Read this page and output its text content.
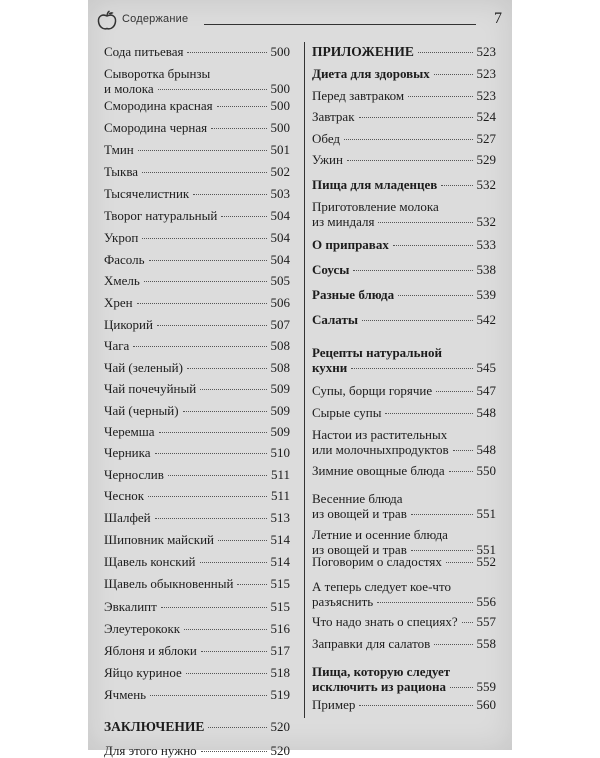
Содержание	7
Сода питьевая	500
Сыворотка брынзы
и молока	500
Смородина красная	500
Смородина черная	500
Тмин	501
Тыква	502
Тысячелистник	503
Творог натуральный	504
Укроп	504
Фасоль	504
Хмель	505
Хрен	506
Цикорий	507
Чага	508
Чай (зеленый)	508
Чай почечуйный	509
Чай (черный)	509
Черемша	509
Черника	510
Чернослив	511
Чеснок	511
Шалфей	513
Шиповник майский	514
Щавель конский	514
Щавель обыкновенный	515
Эвкалипт	515
Элеутерококк	516
Яблоня и яблоки	517
Яйцо куриное	518
Ячмень	519
ЗАКЛЮЧЕНИЕ	520
Для этого нужно	520
ПРИЛОЖЕНИЕ	523
Диета для здоровых	523
Перед завтраком	523
Завтрак	524
Обед	527
Ужин	529
Пища для младенцев	532
Приготовление молока
из миндаля	532
О приправах	533
Соусы	538
Разные блюда	539
Салаты	542
Рецепты натуральной
кухни	545
Супы, борщи горячие	547
Сырые супы	548
Настои из растительных
или молочныхпродуктов 548
Зимние овощные блюда 550
Весенние блюда
из овощей и трав	551
Летние и осенние блюда
из овощей и трав	551
Поговорим о сладостях	552
А теперь следует кое-что
разъяснить	556
Что надо знать о специях? 557
Заправки для салатов	558
Пища, которую следует
исключить из рациона 559
Пример	560
